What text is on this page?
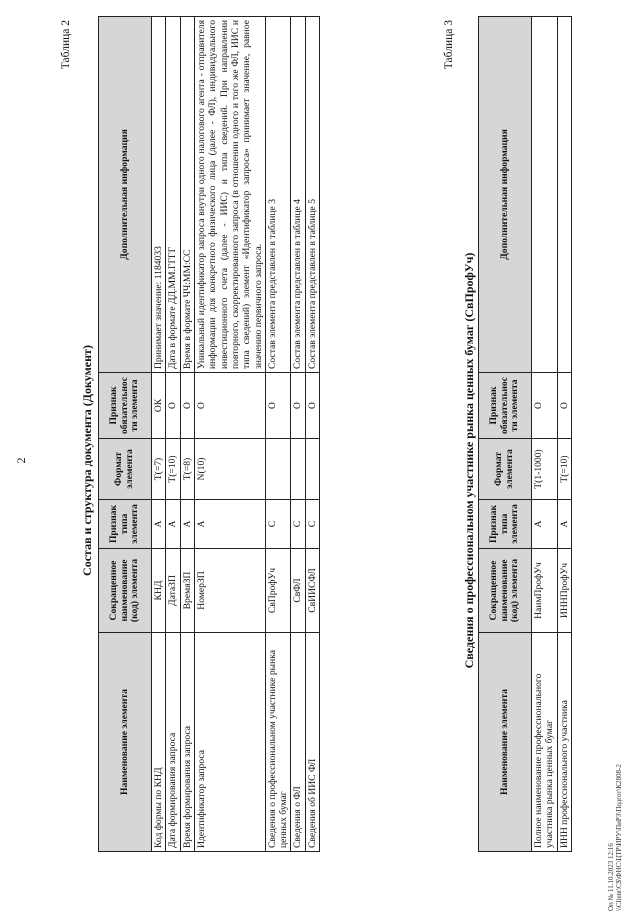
2
Таблица 2
Состав и структура документа (Документ)
Наименование элемента	Сокращенное наименование (код) элемента	Признак типа элемента	Формат элемента	Признак обязательности элемента	Дополнительная информация
Код формы по КНД	КНД	А	T(=7)	ОК	Принимает значение: 1184033
Дата формирования запроса	ДатаЗП	А	T(=10)	О	Дата в формате ДД.ММ.ГГГГ
Время формирования запроса	ВремяЗП	А	T(=8)	О	Время в формате ЧЧ:ММ:СС
Идентификатор запроса	НомерЗП	А	N(10)	О	Уникальный идентификатор запроса внутри одного налогового агента - отправителя информации для конкретного физического лица (далее - ФЛ), индивидуального инвестиционного счета (далее - ИИС) и типа сведений. При направлении повторного, скорректированного запроса (в отношении одного и того же ФЛ, ИИС и типа сведений) элемент «Идентификатор запроса» принимает значение, равное значению первичного запроса.
Сведения о профессиональном участнике рынка ценных бумаг	СвПрофУч	С		О	Состав элемента представлен в таблице 3
Сведения о ФЛ	СвФЛ	С		О	Состав элемента представлен в таблице 4
Сведения об ИИС ФЛ	СвИИСФЛ	С		О	Состав элемента представлен в таблице 5
Таблица 3
Сведения о профессиональном участнике рынка ценных бумаг (СвПрофУч)
Наименование элемента	Сокращенное наименование (код) элемента	Признак типа элемента	Формат элемента	Признак обязательности элемента	Дополнительная информация
Полное наименование профессионального участника рынка ценных бумаг	НаимПрофУч	А	T(1-1000)	О	
ИНН профессионального участника	ИННПрофУч	А	T(=10)	О	
Оп № 11.10.2023 12:16 \\Client\C$\ФНС\ЦТР\ИРУ\ПиРЗ\Подгот\К2808-2
